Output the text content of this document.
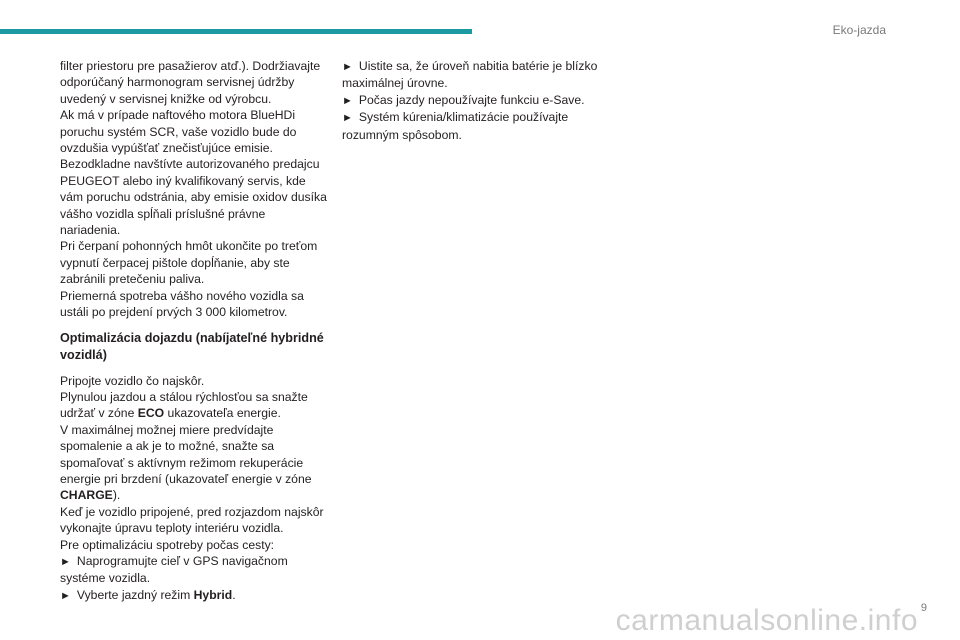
Eko-jazda

filter priestoru pre pasažierov atď.). Dodržiavajte odporúčaný harmonogram servisnej údržby uvedený v servisnej knižke od výrobcu.

Ak má v prípade naftového motora BlueHDi poruchu systém SCR, vaše vozidlo bude do ovzdušia vypúšťať znečisťujúce emisie. Bezodkladne navštívte autorizovaného predajcu PEUGEOT alebo iný kvalifikovaný servis, kde vám poruchu odstránia, aby emisie oxidov dusíka vášho vozidla spĺňali príslušné právne nariadenia.

Pri čerpaní pohonných hmôt ukončite po treťom vypnutí čerpacej pištole dopĺňanie, aby ste zabránili pretečeniu paliva.

Priemerná spotreba vášho nového vozidla sa ustáli po prejdení prvých 3 000 kilometrov.

Optimalizácia dojazdu (nabíjateľné hybridné vozidlá)

Pripojte vozidlo čo najskôr.

Plynulou jazdou a stálou rýchlosťou sa snažte udržať v zóne ECO ukazovateľa energie.

V maximálnej možnej miere predvídajte spomalenie a ak je to možné, snažte sa spomaľovať s aktívnym režimom rekuperácie energie pri brzdení (ukazovateľ energie v zóne CHARGE).

Keď je vozidlo pripojené, pred rozjazdom najskôr vykonajte úpravu teploty interiéru vozidla.

Pre optimalizáciu spotreby počas cesty:

► Naprogramujte cieľ v GPS navigačnom systéme vozidla.

► Vyberte jazdný režim Hybrid.

► Uistite sa, že úroveň nabitia batérie je blízko maximálnej úrovne.

► Počas jazdy nepoužívajte funkciu e-Save.

► Systém kúrenia/klimatizácie používajte rozumným spôsobom.

9
carmanualsonline.info
